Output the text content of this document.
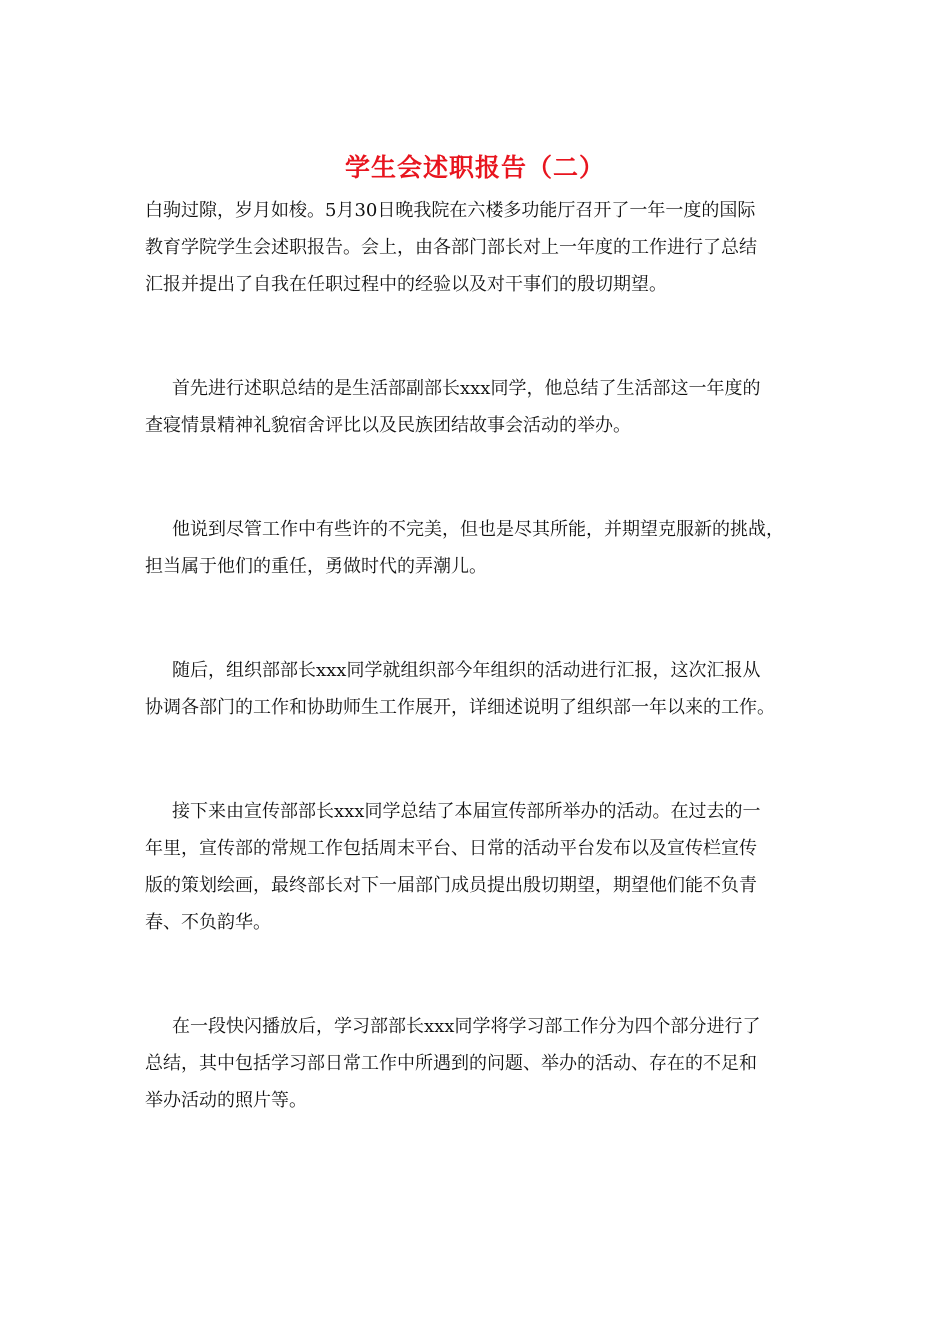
学生会述职报告（二）
白驹过隙，岁月如梭。5月30日晚我院在六楼多功能厅召开了一年一度的国际
教育学院学生会述职报告。会上，由各部门部长对上一年度的工作进行了总结
汇报并提出了自我在任职过程中的经验以及对干事们的殷切期望。
首先进行述职总结的是生活部副部长xxx同学，他总结了生活部这一年度的
查寝情景精神礼貌宿舍评比以及民族团结故事会活动的举办。
他说到尽管工作中有些许的不完美，但也是尽其所能，并期望克服新的挑战，
担当属于他们的重任，勇做时代的弄潮儿。
随后，组织部部长xxx同学就组织部今年组织的活动进行汇报，这次汇报从
协调各部门的工作和协助师生工作展开，详细述说明了组织部一年以来的工作。
接下来由宣传部部长xxx同学总结了本届宣传部所举办的活动。在过去的一
年里，宣传部的常规工作包括周末平台、日常的活动平台发布以及宣传栏宣传
版的策划绘画，最终部长对下一届部门成员提出殷切期望，期望他们能不负青
春、不负韵华。
在一段快闪播放后，学习部部长xxx同学将学习部工作分为四个部分进行了
总结，其中包括学习部日常工作中所遇到的问题、举办的活动、存在的不足和
举办活动的照片等。
